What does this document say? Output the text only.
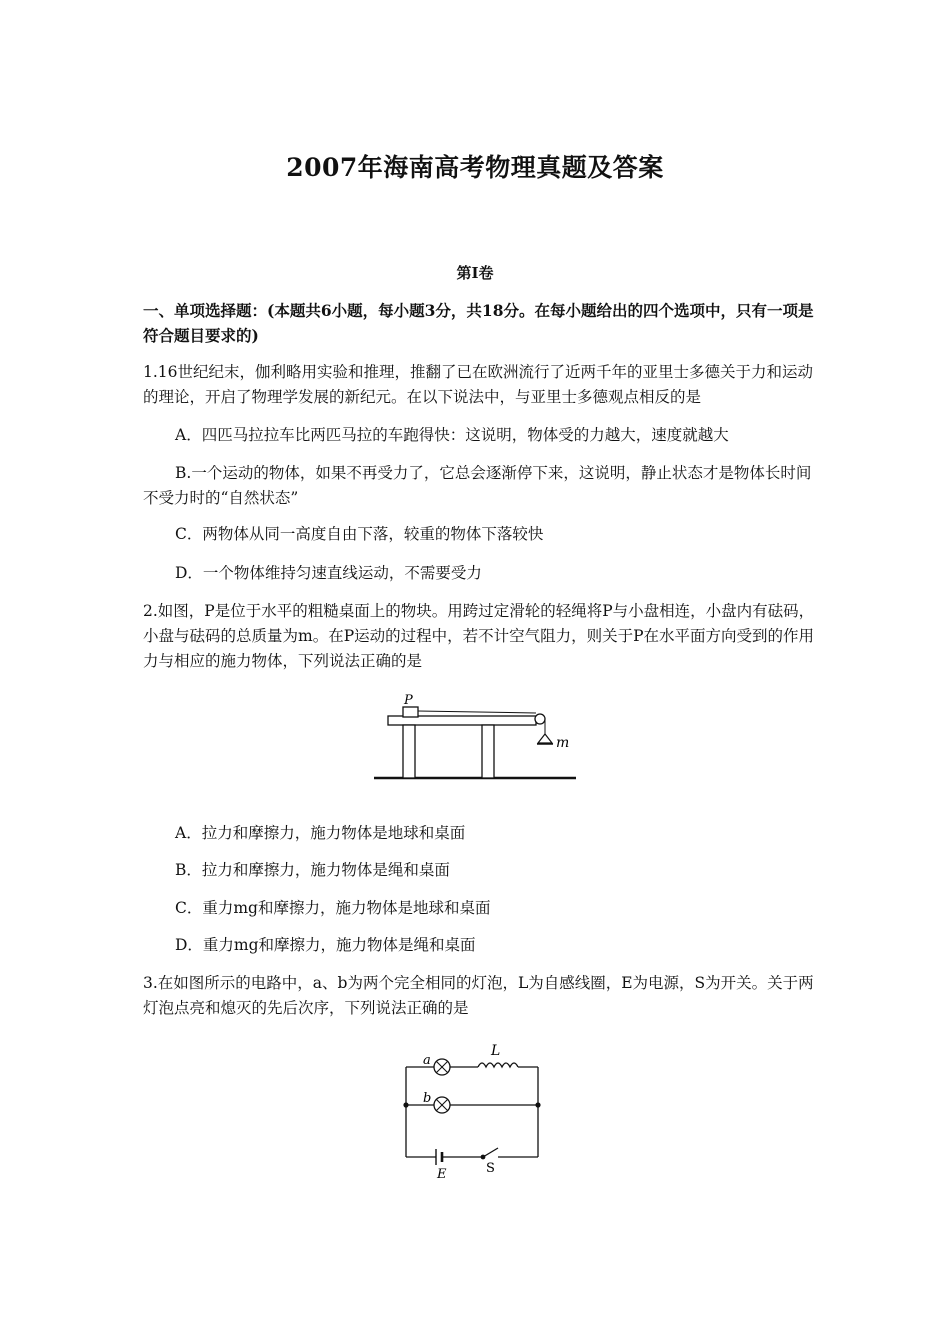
2007年海南高考物理真题及答案
第Ⅰ卷
一、单项选择题：(本题共6小题，每小题3分，共18分。在每小题给出的四个选项中，只有一项是符合题目要求的)
1.16世纪纪末，伽利略用实验和推理，推翻了已在欧洲流行了近两千年的亚里士多德关于力和运动的理论，开启了物理学发展的新纪元。在以下说法中，与亚里士多德观点相反的是
A．四匹马拉拉车比两匹马拉的车跑得快：这说明，物体受的力越大，速度就越大
B.一个运动的物体，如果不再受力了，它总会逐渐停下来，这说明，静止状态才是物体长时间不受力时的“自然状态”
C．两物体从同一高度自由下落，较重的物体下落较快
D．一个物体维持匀速直线运动，不需要受力
2.如图，P是位于水平的粗糙桌面上的物块。用跨过定滑轮的轻绳将P与小盘相连，小盘内有砝码，小盘与砝码的总质量为m。在P运动的过程中，若不计空气阻力，则关于P在水平面方向受到的作用力与相应的施力物体，下列说法正确的是
P
m
A．拉力和摩擦力，施力物体是地球和桌面
B．拉力和摩擦力，施力物体是绳和桌面
C．重力mg和摩擦力，施力物体是地球和桌面
D．重力mg和摩擦力，施力物体是绳和桌面
3.在如图所示的电路中，a、b为两个完全相同的灯泡，L为自感线圈，E为电源，S为开关。关于两灯泡点亮和熄灭的先后次序，下列说法正确的是
a
b
L
E	S
